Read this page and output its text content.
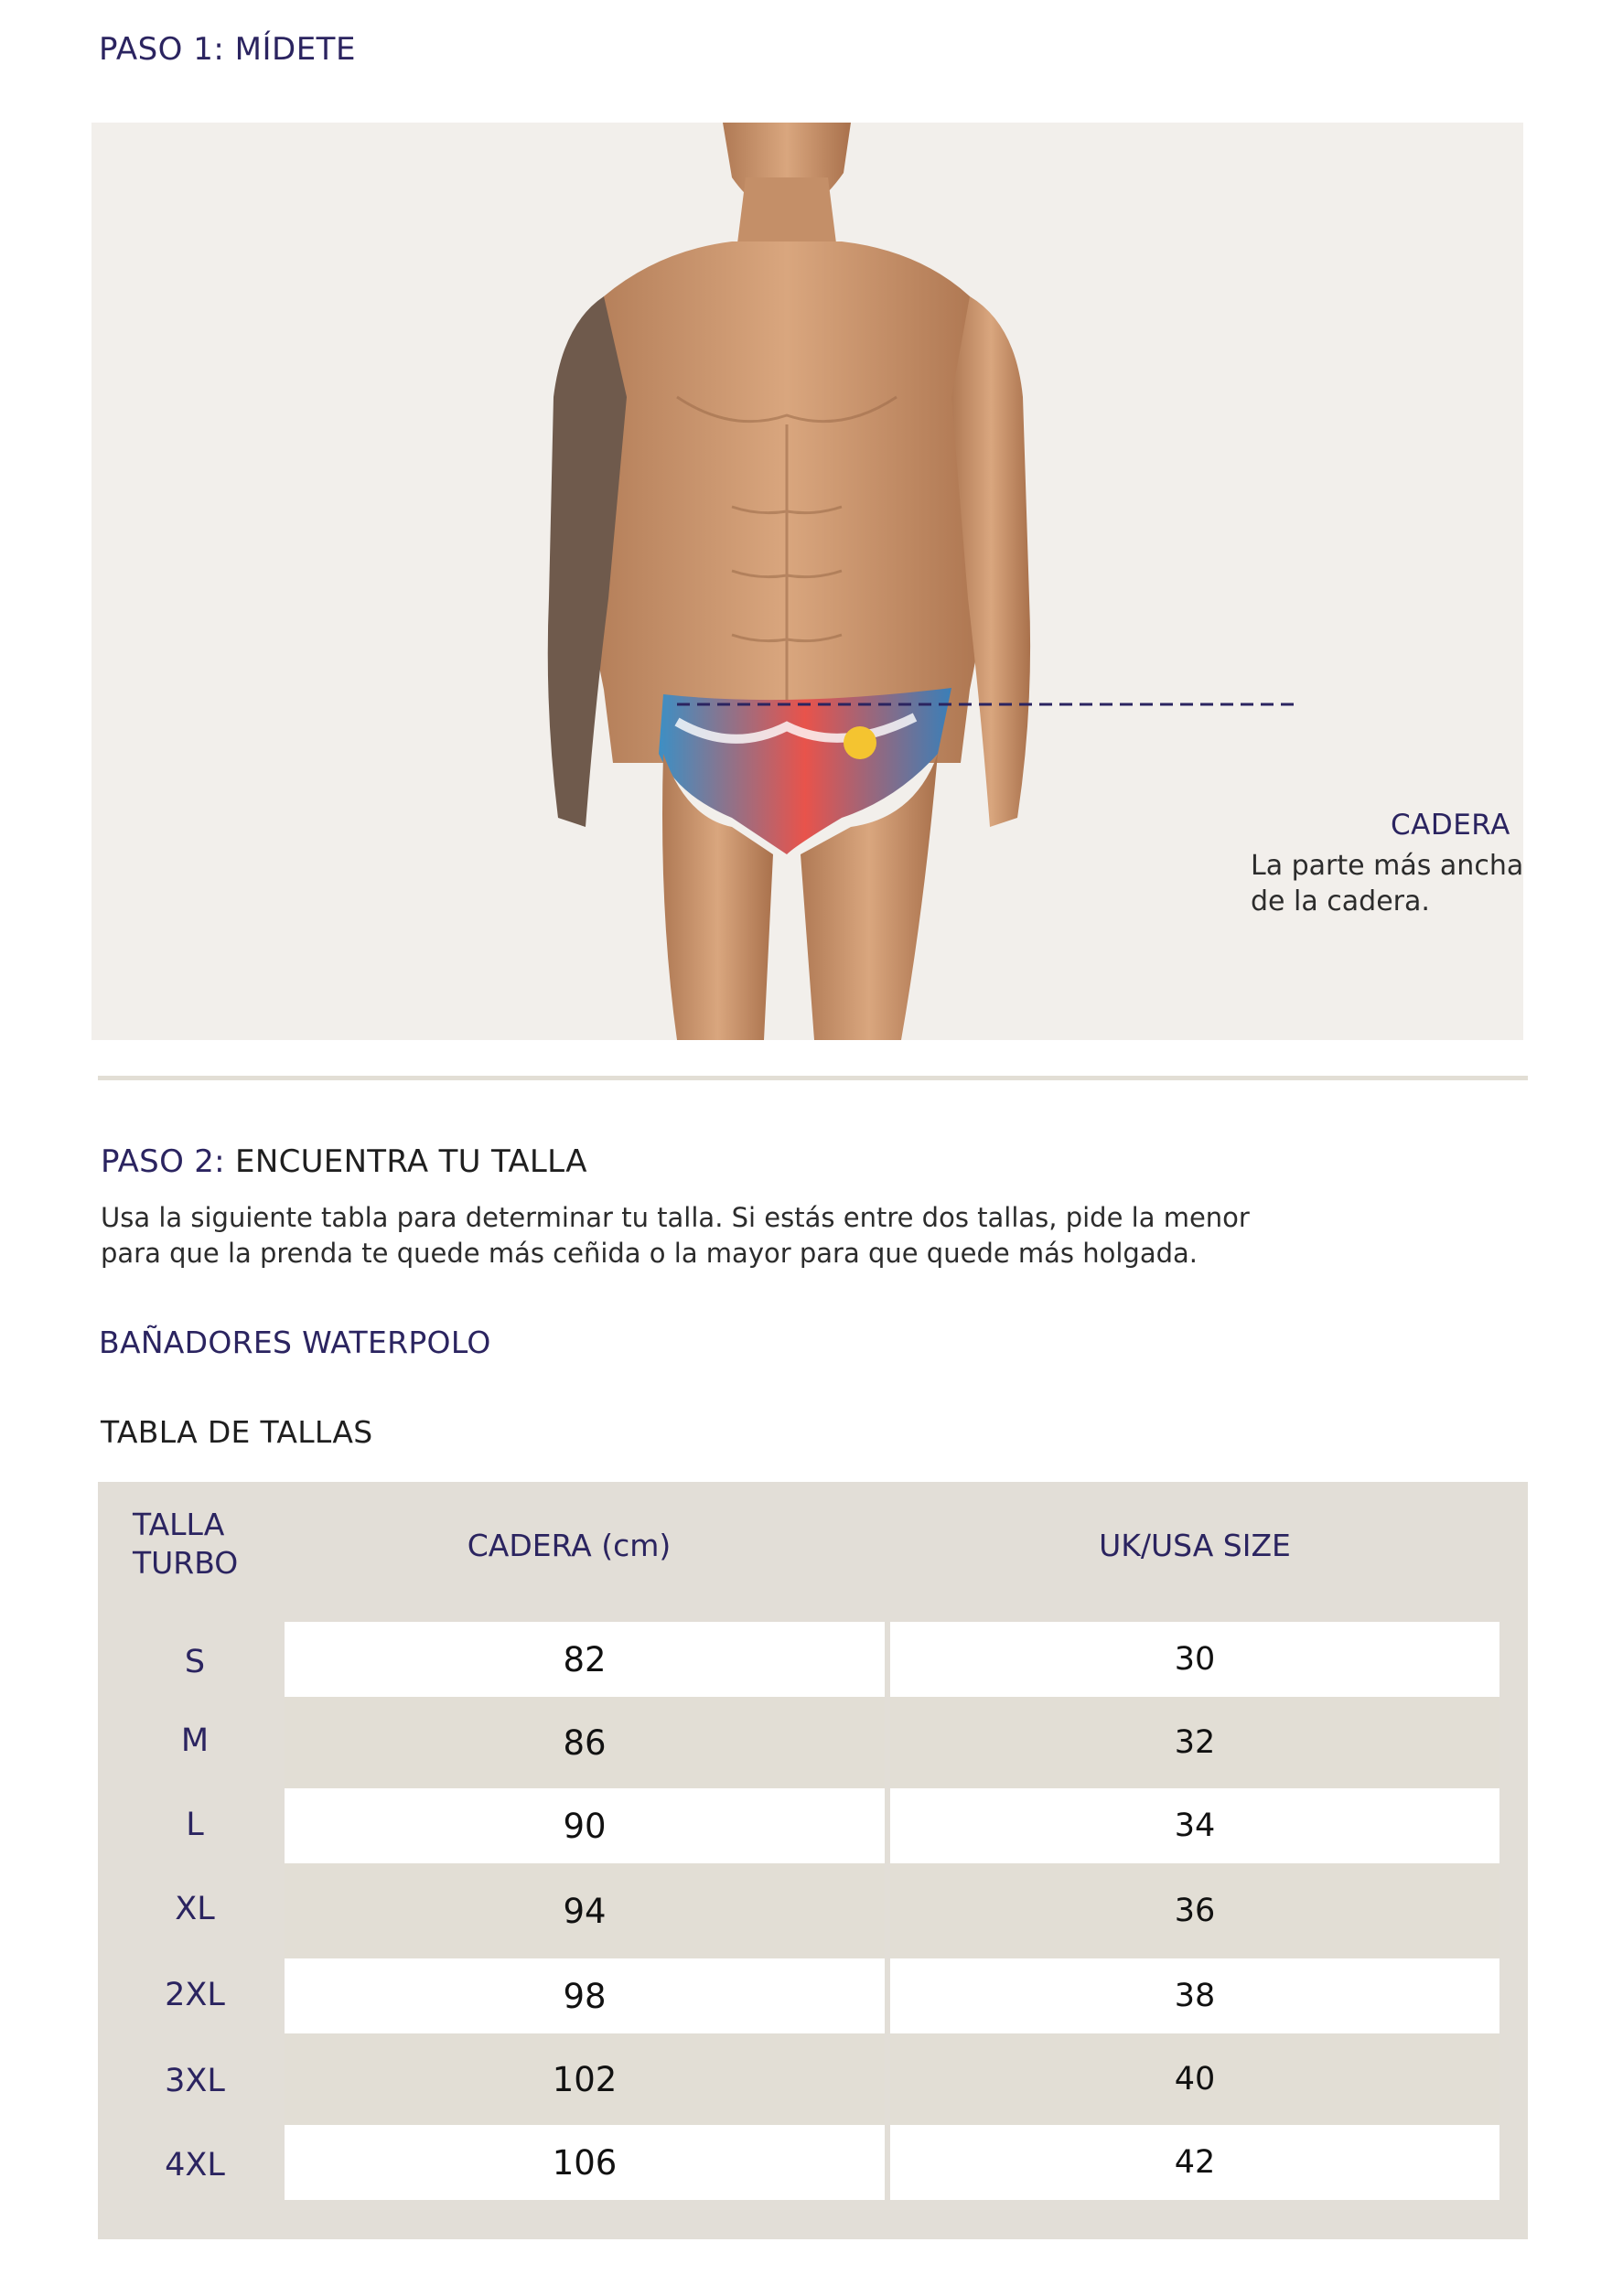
PASO 1: MÍDETE
CADERA
La parte más ancha
de la cadera.
PASO 2: ENCUENTRA TU TALLA
Usa la siguiente tabla para determinar tu talla. Si estás entre dos tallas, pide la menor
para que la prenda te quede más ceñida o la mayor para que quede más holgada.
BAÑADORES WATERPOLO
TABLA DE TALLAS
TALLA
TURBO	CADERA (cm)	UK/USA SIZE
S	82	30
M	86	32
L	90	34
XL	94	36
2XL	98	38
3XL	102	40
4XL	106	42
